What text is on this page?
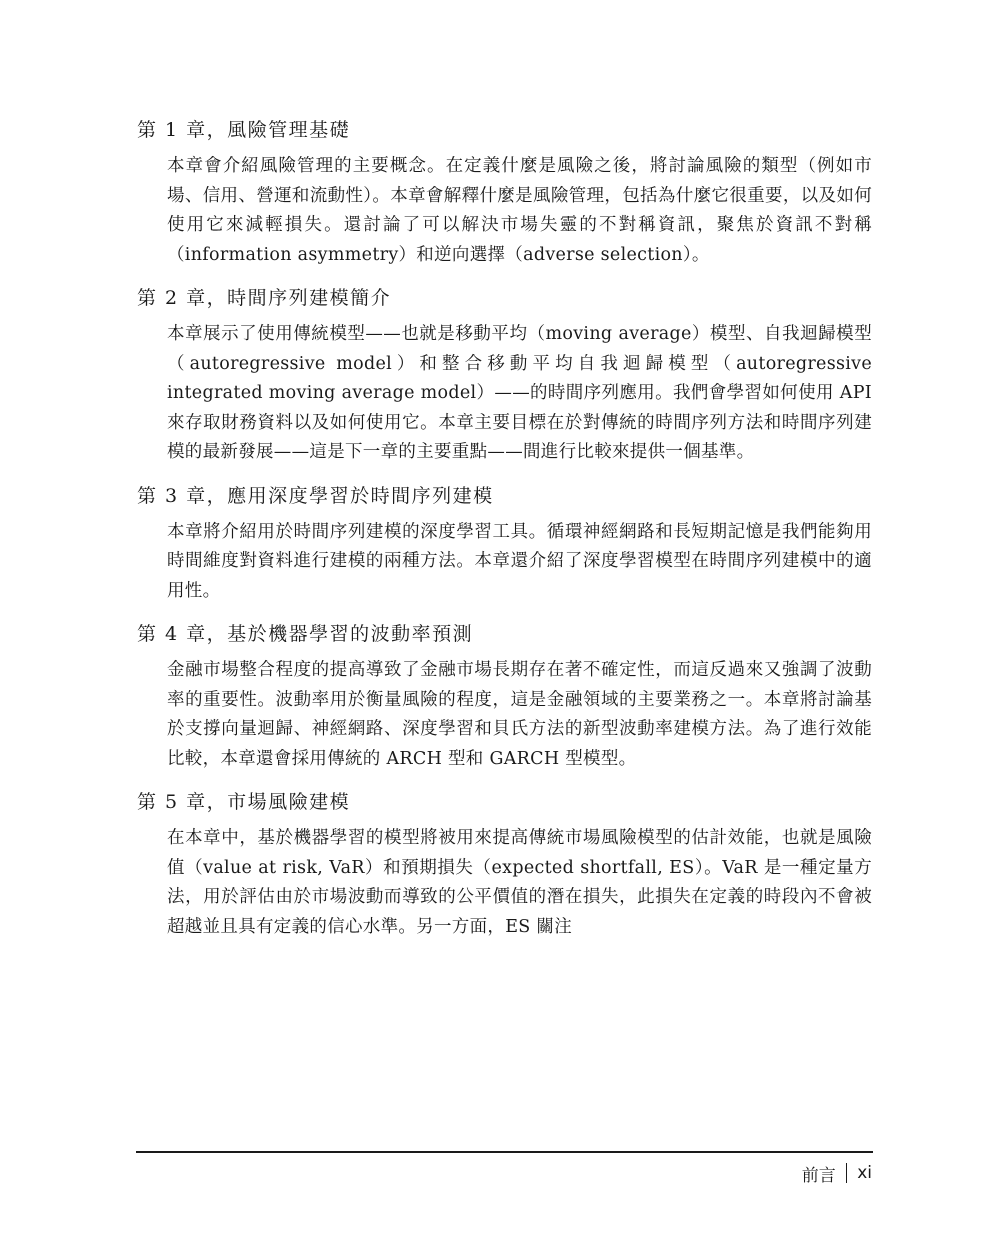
第 1 章，風險管理基礎
本章會介紹風險管理的主要概念。在定義什麼是風險之後，將討論風險的類型（例如市場、信用、營運和流動性）。本章會解釋什麼是風險管理，包括為什麼它很重要，以及如何使用它來減輕損失。還討論了可以解決市場失靈的不對稱資訊，聚焦於資訊不對稱（information asymmetry）和逆向選擇（adverse selection）。
第 2 章，時間序列建模簡介
本章展示了使用傳統模型——也就是移動平均（moving average）模型、自我迴歸模型（autoregressive model）和整合移動平均自我迴歸模型（autoregressive integrated moving average model）——的時間序列應用。我們會學習如何使用 API 來存取財務資料以及如何使用它。本章主要目標在於對傳統的時間序列方法和時間序列建模的最新發展——這是下一章的主要重點——間進行比較來提供一個基準。
第 3 章，應用深度學習於時間序列建模
本章將介紹用於時間序列建模的深度學習工具。循環神經網路和長短期記憶是我們能夠用時間維度對資料進行建模的兩種方法。本章還介紹了深度學習模型在時間序列建模中的適用性。
第 4 章，基於機器學習的波動率預測
金融市場整合程度的提高導致了金融市場長期存在著不確定性，而這反過來又強調了波動率的重要性。波動率用於衡量風險的程度，這是金融領域的主要業務之一。本章將討論基於支撐向量迴歸、神經網路、深度學習和貝氏方法的新型波動率建模方法。為了進行效能比較，本章還會採用傳統的 ARCH 型和 GARCH 型模型。
第 5 章，市場風險建模
在本章中，基於機器學習的模型將被用來提高傳統市場風險模型的估計效能，也就是風險值（value at risk, VaR）和預期損失（expected shortfall, ES）。VaR 是一種定量方法，用於評估由於市場波動而導致的公平價值的潛在損失，此損失在定義的時段內不會被超越並且具有定義的信心水準。另一方面，ES 關注
前言 xi
